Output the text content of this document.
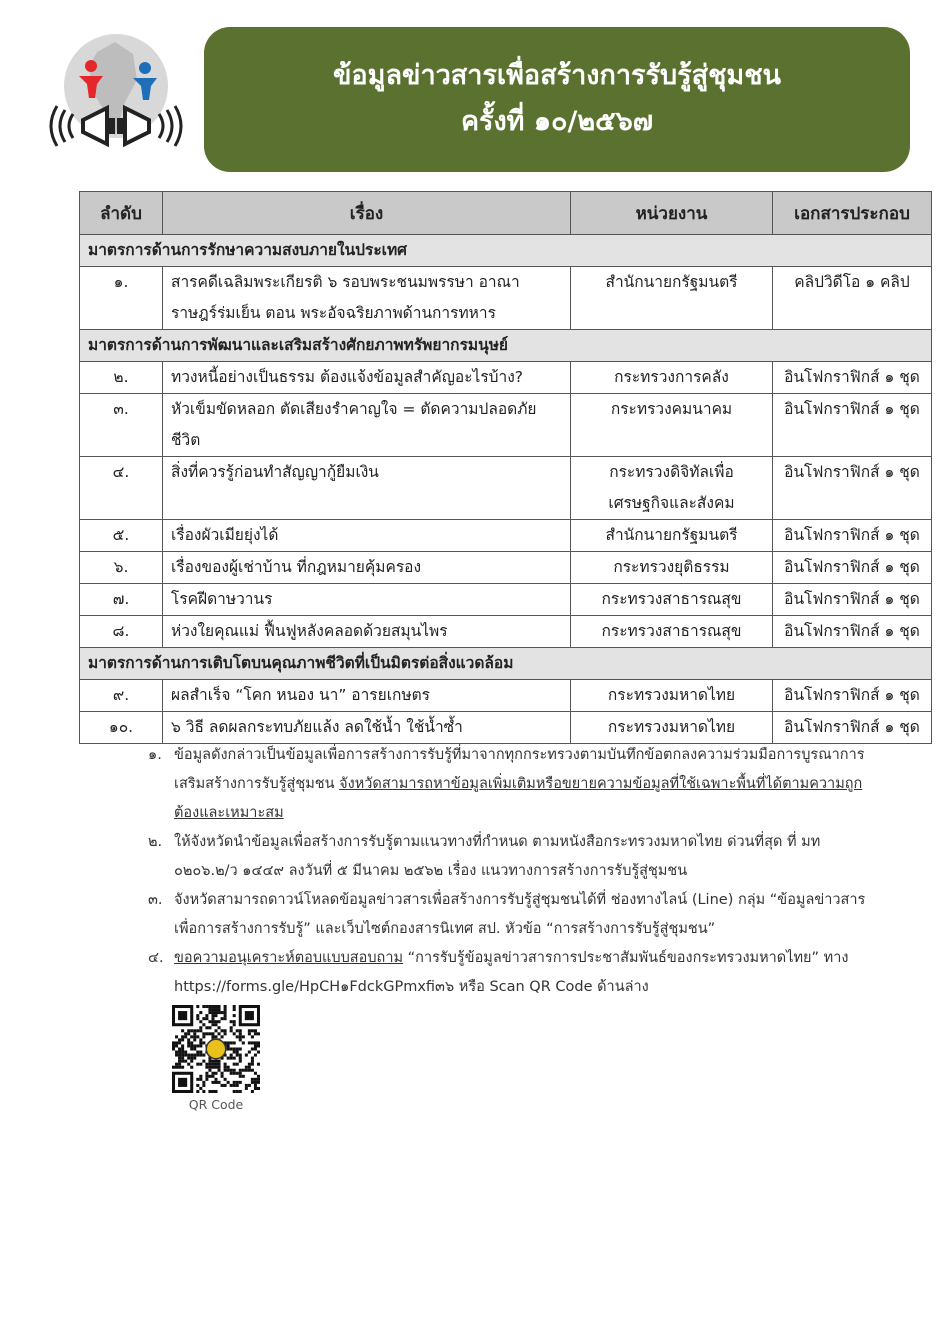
ข้อมูลข่าวสารเพื่อสร้างการรับรู้สู่ชุมชน
ครั้งที่ ๑๐/๒๕๖๗
ลำดับ	เรื่อง	หน่วยงาน	เอกสารประกอบ
มาตรการด้านการรักษาความสงบภายในประเทศ			
๑.	สารคดีเฉลิมพระเกียรติ ๖ รอบพระชนมพรรษา อาณาราษฎร์ร่มเย็น ตอน พระอัจฉริยภาพด้านการทหาร	สำนักนายกรัฐมนตรี	คลิปวิดีโอ ๑ คลิป
มาตรการด้านการพัฒนาและเสริมสร้างศักยภาพทรัพยากรมนุษย์			
๒.	ทวงหนี้อย่างเป็นธรรม ต้องแจ้งข้อมูลสำคัญอะไรบ้าง?	กระทรวงการคลัง	อินโฟกราฟิกส์ ๑ ชุด
๓.	หัวเข็มขัดหลอก ตัดเสียงรำคาญใจ = ตัดความปลอดภัยชีวิต	กระทรวงคมนาคม	อินโฟกราฟิกส์ ๑ ชุด
๔.	สิ่งที่ควรรู้ก่อนทำสัญญากู้ยืมเงิน	กระทรวงดิจิทัลเพื่อเศรษฐกิจและสังคม	อินโฟกราฟิกส์ ๑ ชุด
๕.	เรื่องผัวเมียยุ่งได้	สำนักนายกรัฐมนตรี	อินโฟกราฟิกส์ ๑ ชุด
๖.	เรื่องของผู้เช่าบ้าน ที่กฎหมายคุ้มครอง	กระทรวงยุติธรรม	อินโฟกราฟิกส์ ๑ ชุด
๗.	โรคฝีดาษวานร	กระทรวงสาธารณสุข	อินโฟกราฟิกส์ ๑ ชุด
๘.	ห่วงใยคุณแม่ ฟื้นฟูหลังคลอดด้วยสมุนไพร	กระทรวงสาธารณสุข	อินโฟกราฟิกส์ ๑ ชุด
มาตรการด้านการเติบโตบนคุณภาพชีวิตที่เป็นมิตรต่อสิ่งแวดล้อม			
๙.	ผลสำเร็จ “โคก หนอง นา” อารยเกษตร	กระทรวงมหาดไทย	อินโฟกราฟิกส์ ๑ ชุด
๑๐.	๖ วิธี ลดผลกระทบภัยแล้ง ลดใช้น้ำ ใช้น้ำซ้ำ	กระทรวงมหาดไทย	อินโฟกราฟิกส์ ๑ ชุด
๑. ข้อมูลดังกล่าวเป็นข้อมูลเพื่อการสร้างการรับรู้ที่มาจากทุกกระทรวงตามบันทึกข้อตกลงความร่วมมือการบูรณาการเสริมสร้างการรับรู้สู่ชุมชน จังหวัดสามารถหาข้อมูลเพิ่มเติมหรือขยายความข้อมูลที่ใช้เฉพาะพื้นที่ได้ตามความถูกต้องและเหมาะสม
๒. ให้จังหวัดนำข้อมูลเพื่อสร้างการรับรู้ตามแนวทางที่กำหนด ตามหนังสือกระทรวงมหาดไทย ด่วนที่สุด ที่ มท ๐๒๐๖.๒/ว ๑๔๔๙ ลงวันที่ ๕ มีนาคม ๒๕๖๒ เรื่อง แนวทางการสร้างการรับรู้สู่ชุมชน
๓. จังหวัดสามารถดาวน์โหลดข้อมูลข่าวสารเพื่อสร้างการรับรู้สู่ชุมชนได้ที่ ช่องทางไลน์ (Line) กลุ่ม “ข้อมูลข่าวสารเพื่อการสร้างการรับรู้” และเว็บไซต์กองสารนิเทศ สป. หัวข้อ “การสร้างการรับรู้สู่ชุมชน”
๔. ขอความอนุเคราะห์ตอบแบบสอบถาม “การรับรู้ข้อมูลข่าวสารการประชาสัมพันธ์ของกระทรวงมหาดไทย” ทาง https://forms.gle/HpCH๑FdckGPmxfi๓๖ หรือ Scan QR Code ด้านล่าง
QR Code
